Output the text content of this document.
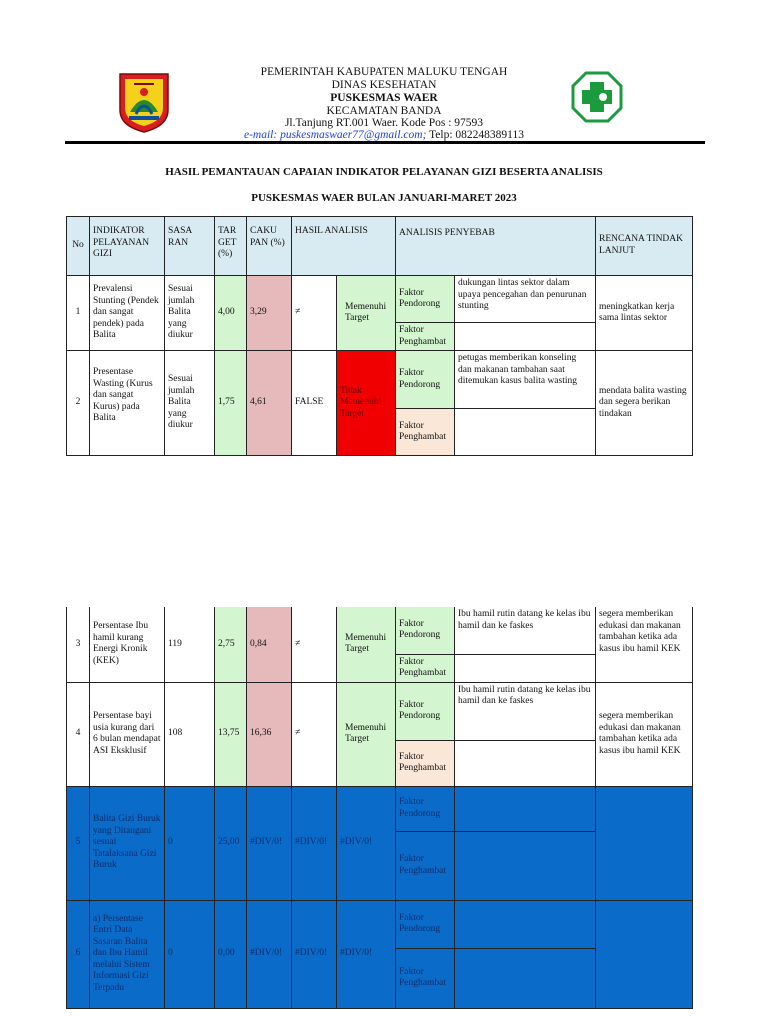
PEMERINTAH KABUPATEN MALUKU TENGAH
DINAS KESEHATAN
PUSKESMAS WAER
KECAMATAN BANDA
Jl.Tanjung RT.001 Waer. Kode Pos : 97593
e-mail: puskesmaswaer77@gmail.com; Telp: 082248389113
HASIL PEMANTAUAN CAPAIAN INDIKATOR PELAYANAN GIZI BESERTA ANALISIS
PUSKESMAS WAER BULAN JANUARI-MARET 2023
No	INDIKATOR PELAYANAN GIZI	SASA RAN	TAR GET (%)	CAKU PAN (%)	HASIL ANALISIS		ANALISIS PENYEBAB		RENCANA TINDAK LANJUT
1	Prevalensi Stunting (Pendek dan sangat pendek) pada Balita	Sesuai jumlah Balita yang diukur	4,00	3,29	≠	Memenuhi Target	Faktor Pendorong	dukungan lintas sektor dalam upaya pencegahan dan penurunan stunting	meningkatkan kerja sama lintas sektor
							Faktor Penghambat		
2	Presentase Wasting (Kurus dan sangat Kurus) pada Balita	Sesuai jumlah Balita yang diukur	1,75	4,61	FALSE	Tidak Memenuhi Target	Faktor Pendorong	petugas memberikan konseling dan makanan tambahan saat ditemukan kasus balita wasting	mendata balita wasting dan segera berikan tindakan
							Faktor Penghambat		
3	Persentase Ibu hamil kurang Energi Kronik (KEK)	119	2,75	0,84	≠	Memenuhi Target	Faktor Pendorong	Ibu hamil rutin datang ke kelas ibu hamil dan ke faskes	segera memberikan edukasi dan makanan tambahan ketika ada kasus ibu hamil KEK
							Faktor Penghambat		
4	Persentase bayi usia kurang dari 6 bulan mendapat ASI Eksklusif	108	13,75	16,36	≠	Memenuhi Target	Faktor Pendorong	Ibu hamil rutin datang ke kelas ibu hamil dan ke faskes	segera memberikan edukasi dan makanan tambahan ketika ada kasus ibu hamil KEK
							Faktor Penghambat		
5	Balita Gizi Buruk yang Ditangani sesuai Tatalaksana Gizi Buruk	0	25,00	#DIV/0!	#DIV/0!	#DIV/0!	Faktor Pendorong		
							Faktor Penghambat		
6	a) Persentase Entri Data Sasaran Balita dan Ibu Hamil melalui Sistem Informasi Gizi Terpadu	0	0,00	#DIV/0!	#DIV/0!	#DIV/0!	Faktor Pendorong		
							Faktor Penghambat		
